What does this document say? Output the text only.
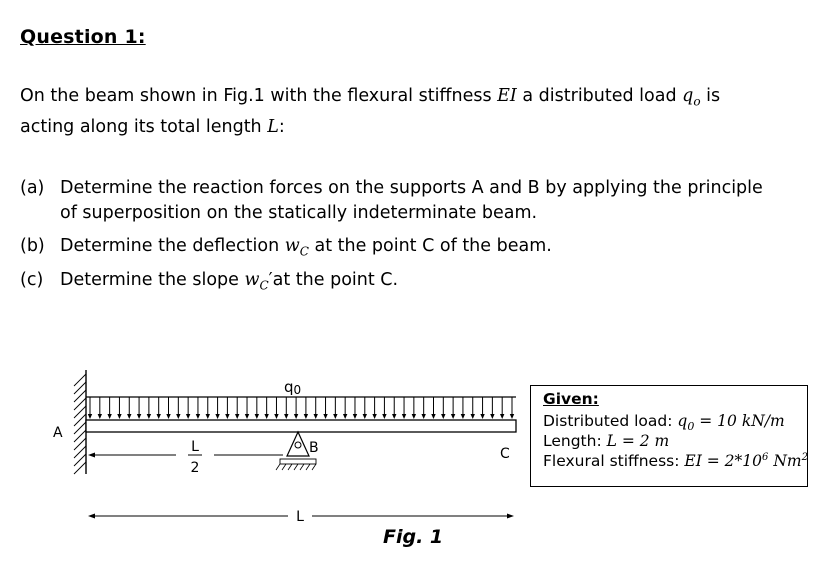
Question 1:
On the beam shown in Fig.1 with the flexural stiffness EI a distributed load $q_o$ is
acting along its total length L:
(a) Determine the reaction forces on the supports A and B by applying the principle
of superposition on the statically indeterminate beam.
(b) Determine the deflection $w_C$ at the point C of the beam.
(c) Determine the slope $w_C'at$ the point C.
q0
B
A
C
L
2
L
Given:
Distributed load: $q_0 = 10$ kN/m
Length: L = 2 m
Flexural stiffness: EI = $2*10^6$ Nm$^2$
Fig. 1
